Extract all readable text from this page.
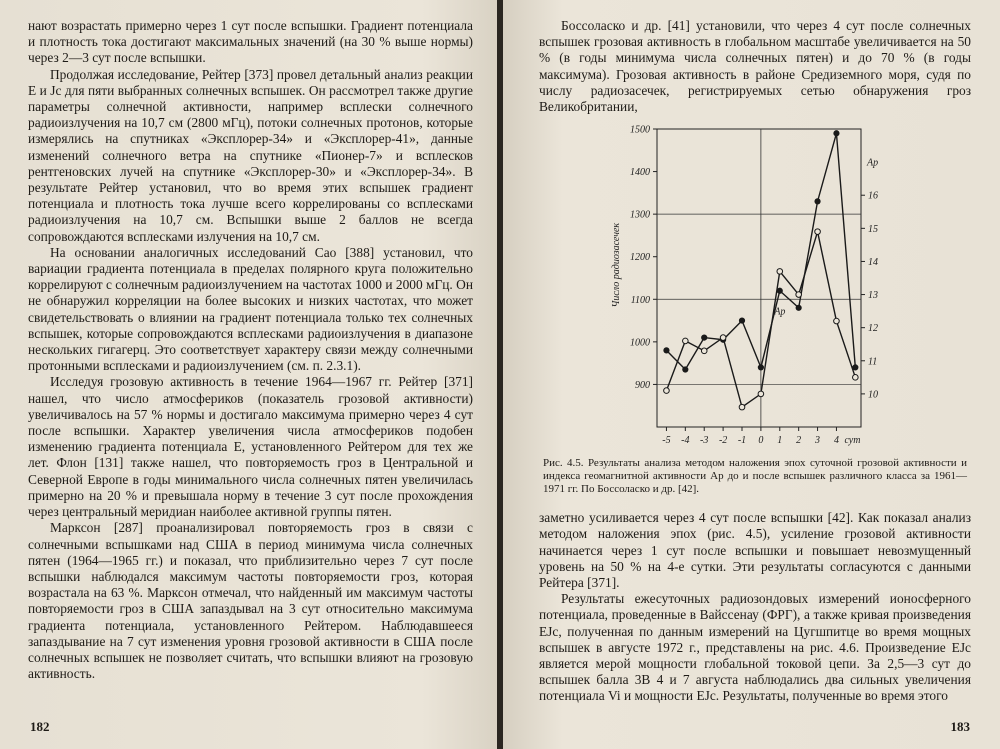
нают возрастать примерно через 1 сут после вспышки. Градиент потенциала и плотность тока достигают максимальных значений (на 30 % выше нормы) через 2—3 сут после вспышки.

Продолжая исследование, Рейтер [373] провел детальный анализ реакции E и Jc для пяти выбранных солнечных вспышек. Он рассмотрел также другие параметры солнечной активности, например всплески солнечного радиоизлучения на 10,7 см (2800 мГц), потоки солнечных протонов, которые измерялись на спутниках «Эксплорер-34» и «Эксплорер-41», данные изменений солнечного ветра на спутнике «Пионер-7» и всплесков рентгеновских лучей на спутнике «Эксплорер-30» и «Эксплорер-34». В результате Рейтер установил, что во время этих вспышек градиент потенциала и плотность тока лучше всего коррелированы со всплесками радиоизлучения на 10,7 см. Вспышки выше 2 баллов не всегда сопровождаются всплесками излучения на 10,7 см.

На основании аналогичных исследований Сао [388] установил, что вариации градиента потенциала в пределах полярного круга положительно коррелируют с солнечным радиоизлучением на частотах 1000 и 2000 мГц. Он не обнаружил корреляции на более высоких и низких частотах, что может свидетельствовать о влиянии на градиент потенциала только тех солнечных вспышек, которые сопровождаются всплесками радиоизлучения в диапазоне нескольких гигагерц. Это соответствует характеру связи между солнечными протонными всплесками и радиоизлучением (см. п. 2.3.1).

Исследуя грозовую активность в течение 1964—1967 гг. Рейтер [371] нашел, что число атмосфериков (показатель грозовой активности) увеличивалось на 57 % нормы и достигало максимума примерно через 4 сут после вспышки. Характер увеличения числа атмосфериков подобен изменению градиента потенциала E, установленного Рейтером для тех же лет. Флон [131] также нашел, что повторяемость гроз в Центральной и Северной Европе в годы минимального числа солнечных пятен увеличилась примерно на 20 % и превышала норму в течение 3 сут после прохождения через центральный меридиан наиболее активной группы пятен.

Марксон [287] проанализировал повторяемость гроз в связи с солнечными вспышками над США в период минимума числа солнечных пятен (1964—1965 гг.) и показал, что приблизительно через 7 сут после вспышки наблюдался максимум частоты повторяемости гроз, которая возрастала на 63 %. Марксон отмечал, что найденный им максимум частоты повторяемости гроз в США запаздывал на 3 сут относительно максимума градиента потенциала, установленного Рейтером. Наблюдавшееся запаздывание на 7 сут изменения уровня грозовой активности в США после солнечных вспышек не позволяет считать, что вспышки влияют на грозовую активность.

182

Боссоласко и др. [41] установили, что через 4 сут после солнечных вспышек грозовая активность в глобальном масштабе увеличивается на 50 % (в годы минимума числа солнечных пятен) и до 70 % (в годы максимума). Грозовая активность в районе Средиземного моря, судя по числу радиозасечек, регистрируемых сетью обнаружения гроз Великобритании,

900
1000
1100
1200
1300
1400
1500
10
11
12
13
14
15
16
Ap
Число радиозасечек
-5 -4 -3 -2 -1 0 1 2 3 4 сут
Ap
Рис. 4.5. Результаты анализа методом наложения эпох суточной грозовой активности и индекса геомагнитной активности Ap до и после вспышек различного класса за 1961—1971 гг. По Боссоласко и др. [42].

заметно усиливается через 4 сут после вспышки [42]. Как показал анализ методом наложения эпох (рис. 4.5), усиление грозовой активности начинается через 1 сут после вспышки и повышает невозмущенный уровень на 50 % на 4-е сутки. Эти результаты согласуются с данными Рейтера [371].

Результаты ежесуточных радиозондовых измерений ионосферного потенциала, проведенные в Вайссенау (ФРГ), а также кривая произведения EJc, полученная по данным измерений на Цугшпитце во время мощных вспышек в августе 1972 г., представлены на рис. 4.6. Произведение EJc является мерой мощности глобальной токовой цепи. За 2,5—3 сут до вспышек балла 3B 4 и 7 августа наблюдались два сильных увеличения потенциала Vi и мощности EJc. Результаты, полученные во время этого

183
